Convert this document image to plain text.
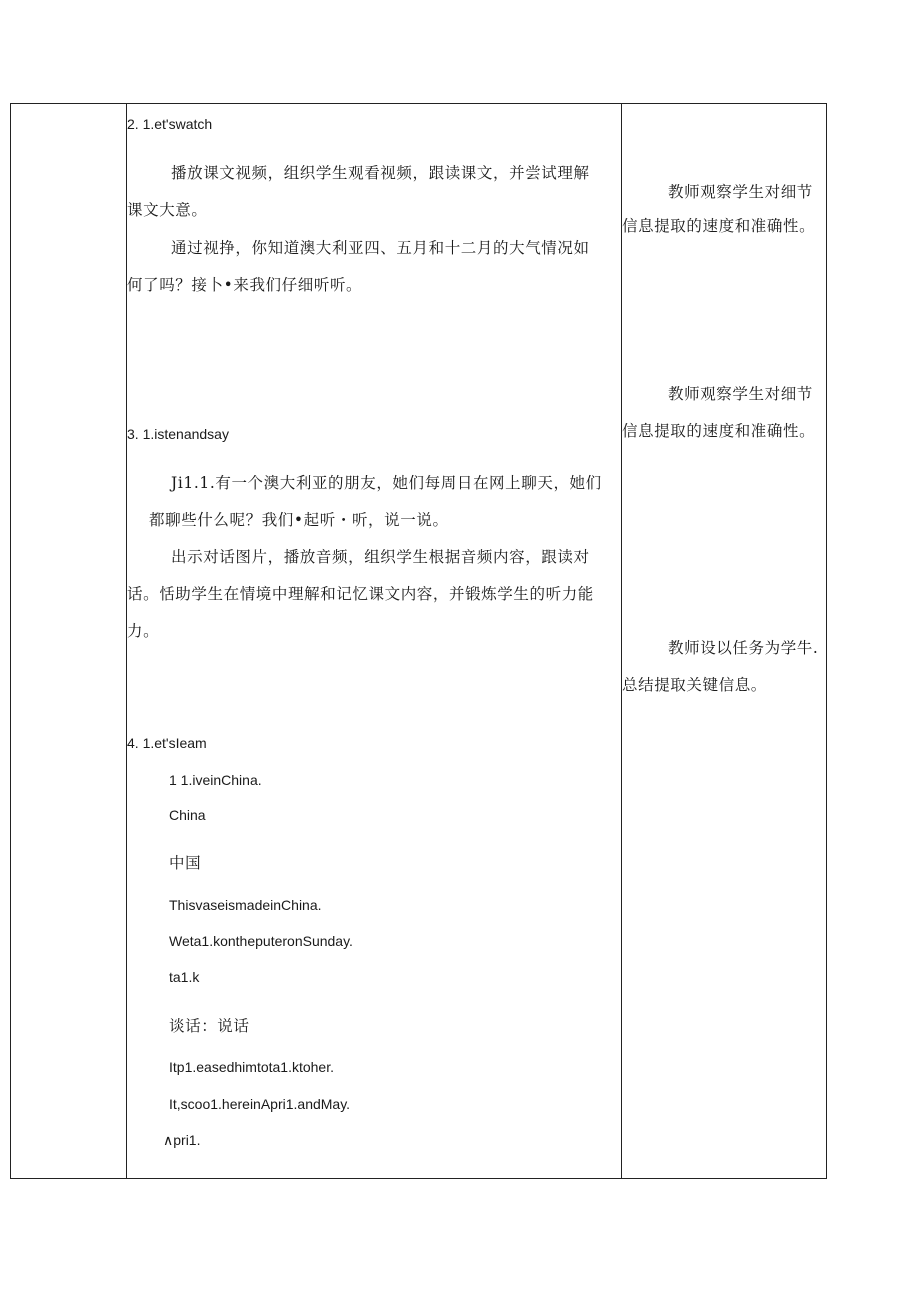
2. 1.et'swatch
播放课文视频，组织学生观看视频，跟读课文，并尝试理解
课文大意。
通过视挣，你知道澳大利亚四、五月和十二月的大气情况如
何了吗？接卜•来我们仔细听听。
3. 1.istenandsay
Ji1.1.有一个澳大利亚的朋友，她们每周日在网上聊天，她们
都聊些什么呢？我们•起听・听，说一说。
出示对话图片，播放音频，组织学生根据音频内容，跟读对
话。恬助学生在情境中理解和记忆课文内容，并锻炼学生的听力能
力。
4. 1.et'sIeam
1 1.iveinChina.
China
中国
ThisvaseismadeinChina.
Weta1.kontheputeronSunday.
ta1.k
谈话：说话
Itp1.easedhimtota1.ktoher.
It,scoo1.hereinApri1.andMay.
∧pri1.
教师观察学生对细节
信息提取的速度和准确性。
教师观察学生对细节
信息提取的速度和准确性。
教师设以任务为学牛.
总结提取关键信息。
